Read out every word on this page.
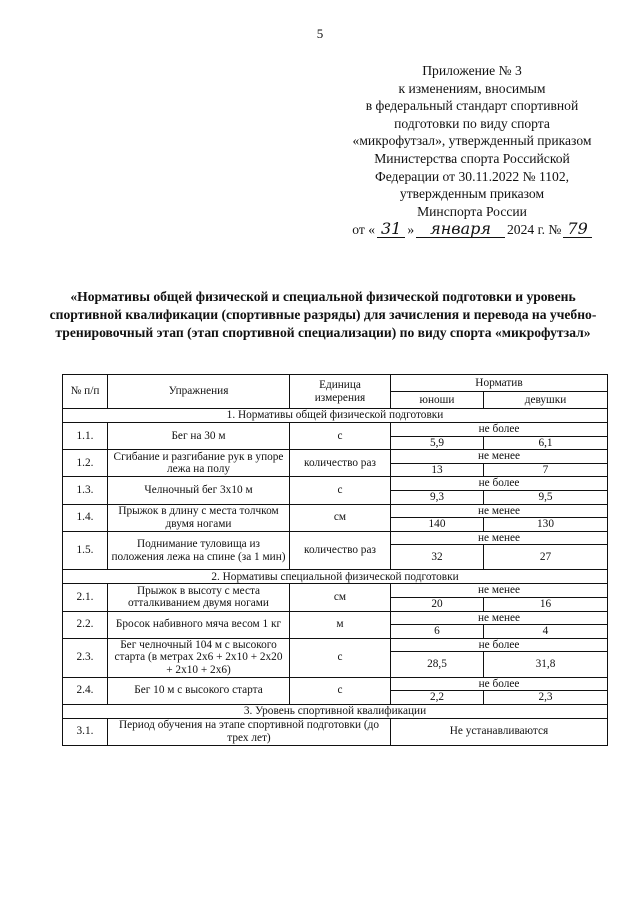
5
Приложение № 3
к изменениям, вносимым
в федеральный стандарт спортивной
подготовки по виду спорта
«микрофутзал», утвержденный приказом
Министерства спорта Российской
Федерации от 30.11.2022 № 1102,
утвержденным приказом
Минспорта России
от « 31 »	января	2024 г. № 79
«Нормативы общей физической и специальной физической подготовки и уровень спортивной квалификации (спортивные разряды) для зачисления и перевода на учебно-тренировочный этап (этап спортивной специализации) по виду спорта «микрофутзал»
№ п/п	Упражнения	Единица измерения	Норматив	
			юноши	девушки
1. Нормативы общей физической подготовки				
1.1.	Бег на 30 м	с	не более	
			5,9	6,1
1.2.	Сгибание и разгибание рук в упоре лежа на полу	количество раз	не менее	
			13	7
1.3.	Челночный бег 3х10 м	с	не более	
			9,3	9,5
1.4.	Прыжок в длину с места толчком двумя ногами	см	не менее	
			140	130
1.5.	Поднимание туловища из положения лежа на спине (за 1 мин)	количество раз	не менее	
			32	27
2. Нормативы специальной физической подготовки				
2.1.	Прыжок в высоту с места отталкиванием двумя ногами	см	не менее	
			20	16
2.2.	Бросок набивного мяча весом 1 кг	м	не менее	
			6	4
2.3.	Бег челночный 104 м с высокого старта (в метрах 2х6 + 2х10 + 2х20 + 2х10 + 2х6)	с	не более	
			28,5	31,8
2.4.	Бег 10 м с высокого старта	с	не более	
			2,2	2,3
3. Уровень спортивной квалификации				
3.1.	Период обучения на этапе спортивной подготовки (до трех лет)		Не устанавливаются	
